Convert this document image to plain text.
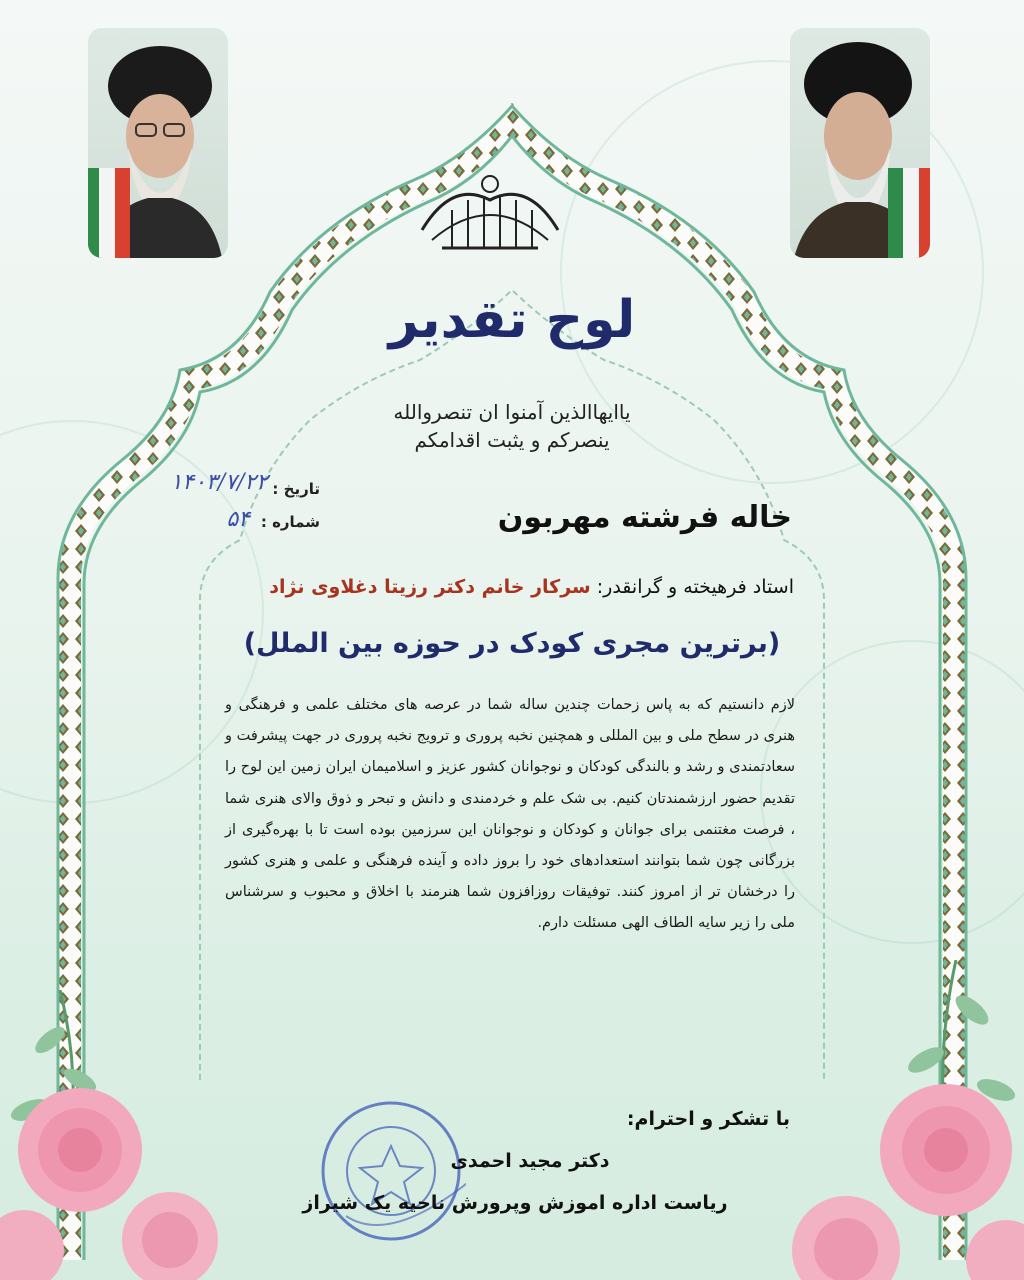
لوح تقدیر
یاایهاالذین آمنوا ان تنصروالله
ینصرکم و یثبت اقدامکم
تاریخ :
۱۴۰۳/۷/۲۲
شماره :
۵۴	خاله فرشته مهربون
استاد فرهیخته و گرانقدر: سرکار خانم دکتر رزیتا دغلاوی نژاد
(برترین مجری کودک در حوزه بین الملل)
لازم دانستیم که به پاس زحمات چندین ساله شما در عرصه های مختلف علمی و فرهنگی و هنری در سطح ملی و بین المللی و همچنین نخبه پروری و ترویج نخبه پروری در جهت پیشرفت و سعادتمندی و رشد و بالندگی کودکان و نوجوانان کشور عزیز و اسلامیمان ایران زمین این لوح را تقدیم حضور ارزشمندتان کنیم. بی شک علم و خردمندی و دانش و تبحر و ذوق والای هنری شما ، فرصت مغتنمی برای جوانان و کودکان و نوجوانان این سرزمین بوده است تا با بهره‌گیری از بزرگانی چون شما بتوانند استعدادهای خود را بروز داده و آینده فرهنگی و علمی و هنری کشور را درخشان تر از امروز کنند. توفیقات روزافزون شما هنرمند با اخلاق و محبوب و سرشناس ملی را زیر سایه الطاف الهی مسئلت دارم.
با تشکر و احترام:
دکتر مجید احمدی
ریاست اداره اموزش وپرورش ناحیه یک شیراز
